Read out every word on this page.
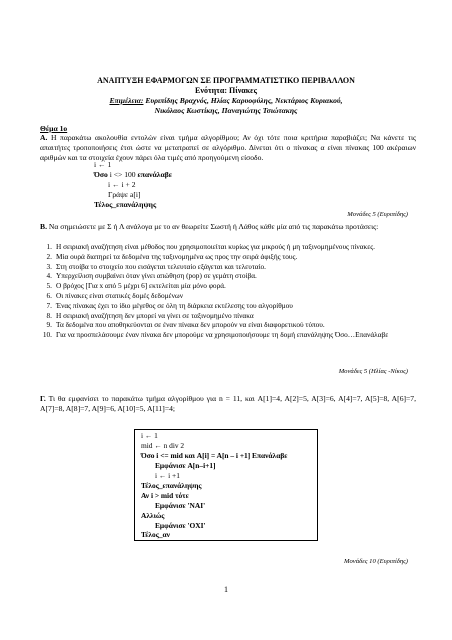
ΑΝΑΠΤΥΞΗ ΕΦΑΡΜΟΓΩΝ ΣΕ ΠΡΟΓΡΑΜΜΑΤΙΣΤΙΚΟ ΠΕΡΙΒΑΛΛΟΝ
Ενότητα: Πίνακες
Επιμέλεια: Ευριπίδης Βραχνός, Ηλίας Καρυοφύλης, Νεκτάριος Κυριακού,
Νικόλαος Κωστίκης, Παναγιώτης Τσιώτακης
Θέμα 1ο
Α. Η παρακάτω ακολουθία εντολών είναι τμήμα αλγορίθμου; Αν όχι τότε ποια κριτήρια παραβιάζει; Να κάνετε τις απαιτήτες τροποποιήσεις έτσι ώστε να μετατραπεί σε αλγόριθμο. Δίνεται ότι ο πίνακας α είναι πίνακας 100 ακέραιων αριθμών και τα στοιχεία έχουν πάρει όλα τιμές από προηγούμενη είσοδο.
i ← 1
Όσο i <> 100 επανάλαβε
i ← i + 2
Γράψε a[i]
Τέλος_επανάληψης
Μονάδες 5 (Ευριπίδης)
Β. Να σημειώσετε με Σ ή Λ ανάλογα με το αν θεωρείτε Σωστή ή Λάθος κάθε μία από τις παρακάτω προτάσεις:
1. Η σειριακή αναζήτηση είναι μέθοδος που χρησιμοποιείται κυρίως για μικρούς ή μη ταξινομημένους πίνακες.
2. Μία ουρά διατηρεί τα δεδομένα της ταξινομημένα ως προς την σειρά άφιξής τους.
3. Στη στοίβα το στοιχείο που εισάγεται τελευταίο εξάγεται και τελευταίο.
4. Υπερχείλιση συμβαίνει όταν γίνει απώθηση (pop) σε γεμάτη στοίβα.
5. Ο βρόχος [Για x από 5 μέχρι 6] εκτελείται μία μόνο φορά.
6. Οι πίνακες είναι στατικές δομές δεδομένων
7. Ένας πίνακας έχει το ίδιο μέγεθος σε όλη τη διάρκεια εκτέλεσης του αλγορίθμου
8. Η σειριακή αναζήτηση δεν μπορεί να γίνει σε ταξινομημένο πίνακα
9. Τα δεδομένα που αποθηκεύονται σε έναν πίνακα δεν μπορούν να είναι διαφορετικού τύπου.
10. Για να προσπελάσουμε έναν πίνακα δεν μπορούμε να χρησιμοποιήσουμε τη δομή επανάληψης Όσο…Επανάλαβε
Μονάδες 5 (Ηλίας -Νίκος)
Γ. Τι θα εμφανίσει το παρακάτω τμήμα αλγορίθμου για n = 11, και A[1]=4, A[2]=5, A[3]=6, A[4]=7, A[5]=8, A[6]=7, A[7]=8, A[8]=7, A[9]=6, A[10]=5, A[11]=4;
i ← 1
mid ← n div 2
Όσο i <= mid και A[i] = A[n – i +1] Επανάλαβε
Εμφάνισε A[n–i+1]
i ← i +1
Τέλος_επανάληψης
Αν i > mid τότε
Εμφάνισε 'ΝΑΙ'
Αλλιώς
Εμφάνισε 'ΟΧΙ'
Τέλος_αν
Μονάδες 10 (Ευριπίδης)
1
